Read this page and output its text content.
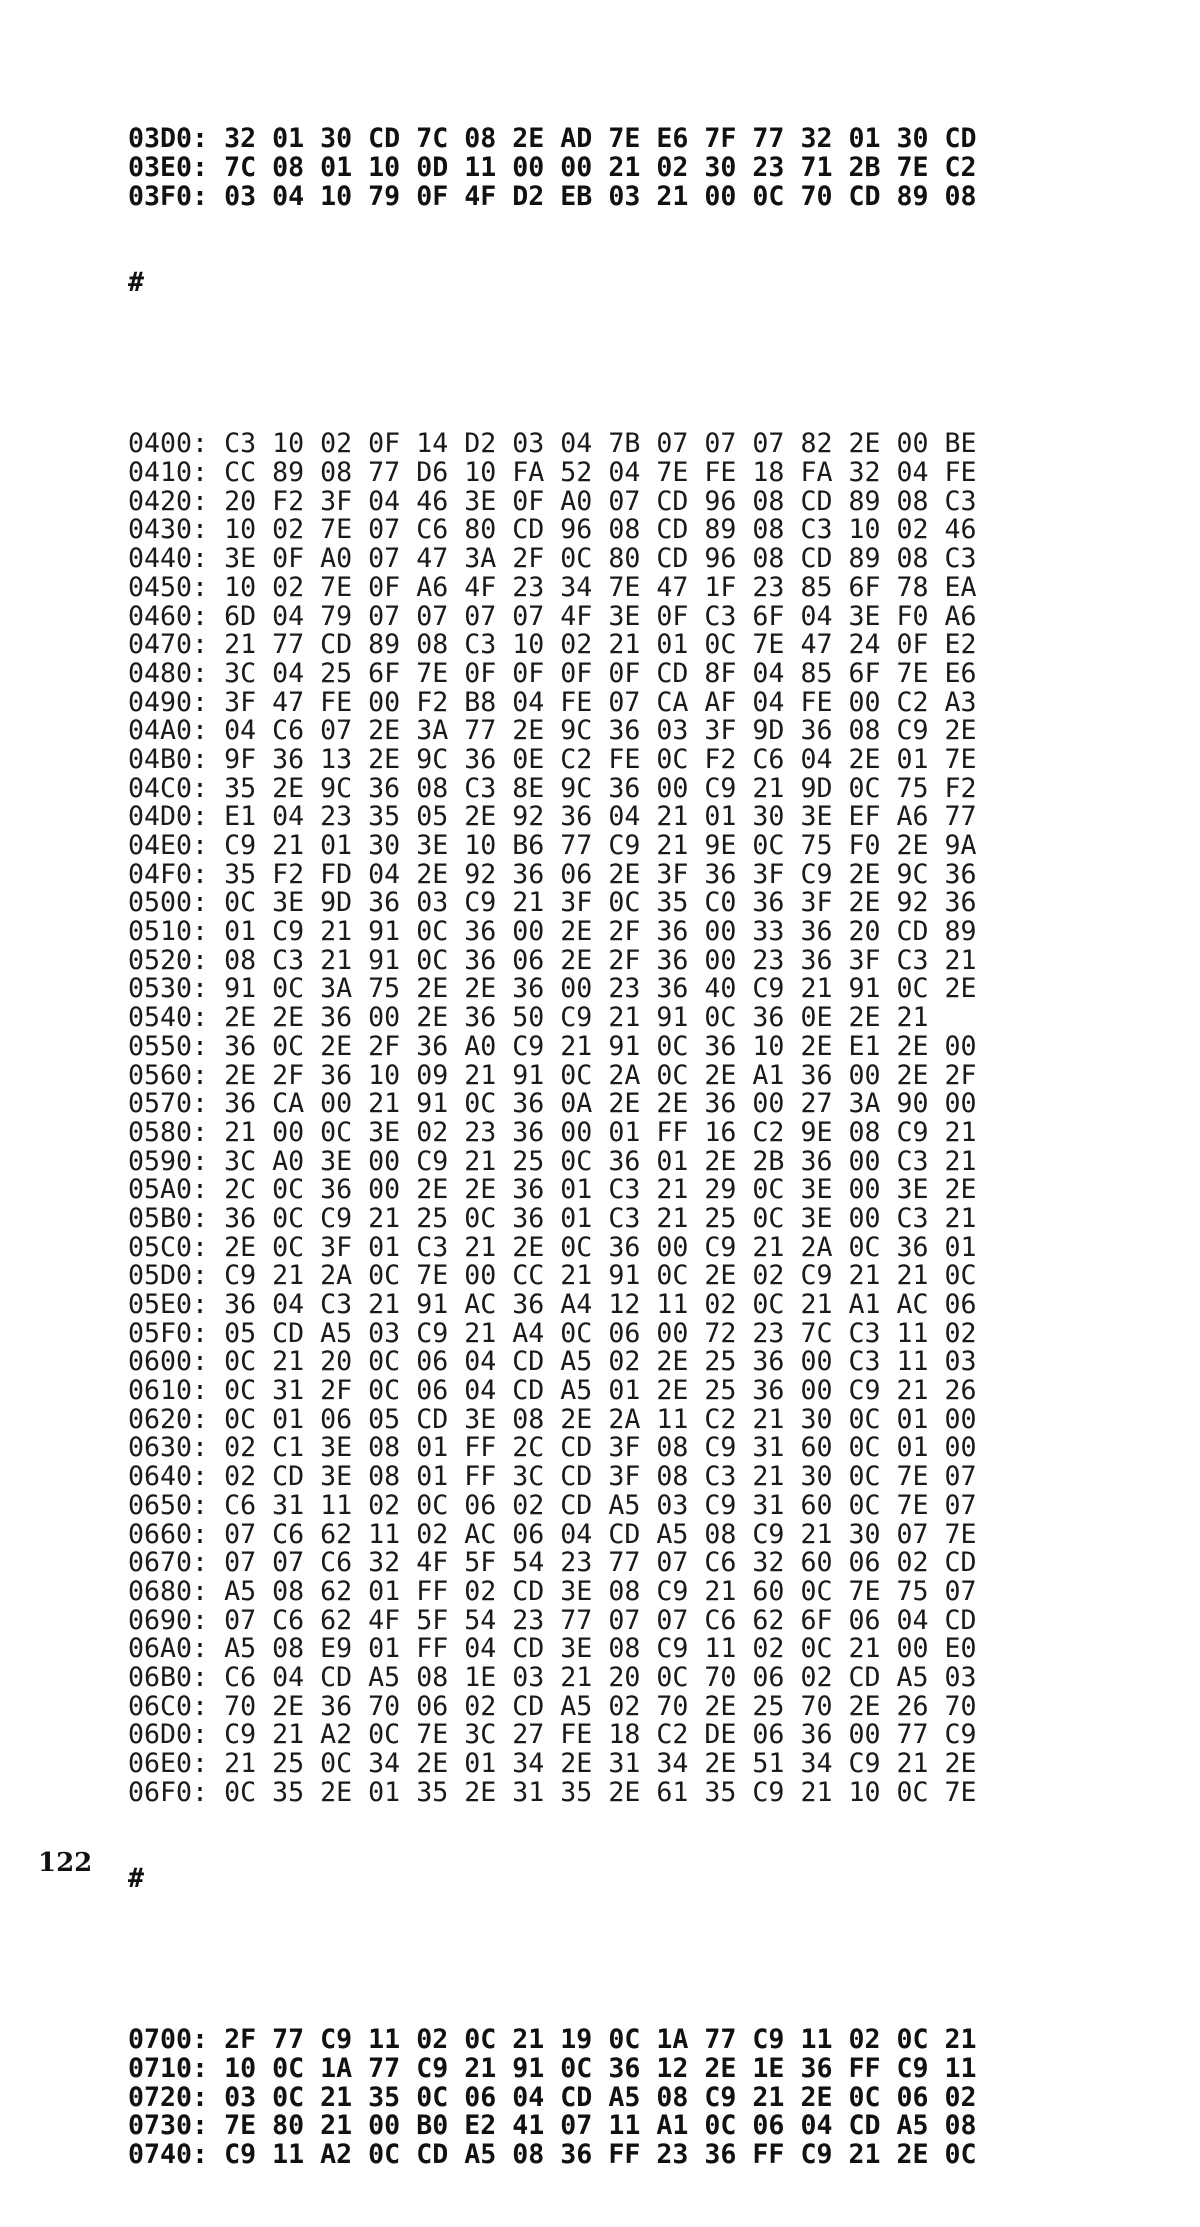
03D0: 32 01 30 CD 7C 08 2E AD 7E E6 7F 77 32 01 30 CD
03E0: 7C 08 01 10 0D 11 00 00 21 02 30 23 71 2B 7E C2
03F0: 03 04 10 79 0F 4F D2 EB 03 21 00 0C 70 CD 89 08

#

0400: C3 10 02 0F 14 D2 03 04 7B 07 07 07 82 2E 00 BE
0410: CC 89 08 77 D6 10 FA 52 04 7E FE 18 FA 32 04 FE
0420: 20 F2 3F 04 46 3E 0F A0 07 CD 96 08 CD 89 08 C3
0430: 10 02 7E 07 C6 80 CD 96 08 CD 89 08 C3 10 02 46
0440: 3E 0F A0 07 47 3A 2F 0C 80 CD 96 08 CD 89 08 C3
0450: 10 02 7E 0F A6 4F 23 34 7E 47 1F 23 85 6F 78 EA
0460: 6D 04 79 07 07 07 07 4F 3E 0F C3 6F 04 3E F0 A6
0470: 21 77 CD 89 08 C3 10 02 21 01 0C 7E 47 24 0F E2
0480: 3C 04 25 6F 7E 0F 0F 0F 0F CD 8F 04 85 6F 7E E6
0490: 3F 47 FE 00 F2 B8 04 FE 07 CA AF 04 FE 00 C2 A3
04A0: 04 C6 07 2E 3A 77 2E 9C 36 03 3F 9D 36 08 C9 2E
04B0: 9F 36 13 2E 9C 36 0E C2 FE 0C F2 C6 04 2E 01 7E
04C0: 35 2E 9C 36 08 C3 8E 9C 36 00 C9 21 9D 0C 75 F2
04D0: E1 04 23 35 05 2E 92 36 04 21 01 30 3E EF A6 77
04E0: C9 21 01 30 3E 10 B6 77 C9 21 9E 0C 75 F0 2E 9A
04F0: 35 F2 FD 04 2E 92 36 06 2E 3F 36 3F C9 2E 9C 36
0500: 0C 3E 9D 36 03 C9 21 3F 0C 35 C0 36 3F 2E 92 36
0510: 01 C9 21 91 0C 36 00 2E 2F 36 00 33 36 20 CD 89
0520: 08 C3 21 91 0C 36 06 2E 2F 36 00 23 36 3F C3 21
0530: 91 0C 3A 75 2E 2E 36 00 23 36 40 C9 21 91 0C 2E
0540: 2E 2E 36 00 2E 36 50 C9 21 91 0C 36 0E 2E 21
0550: 36 0C 2E 2F 36 A0 C9 21 91 0C 36 10 2E E1 2E 00
0560: 2E 2F 36 10 09 21 91 0C 2A 0C 2E A1 36 00 2E 2F
0570: 36 CA 00 21 91 0C 36 0A 2E 2E 36 00 27 3A 90 00
0580: 21 00 0C 3E 02 23 36 00 01 FF 16 C2 9E 08 C9 21
0590: 3C A0 3E 00 C9 21 25 0C 36 01 2E 2B 36 00 C3 21
05A0: 2C 0C 36 00 2E 2E 36 01 C3 21 29 0C 3E 00 3E 2E
05B0: 36 0C C9 21 25 0C 36 01 C3 21 25 0C 3E 00 C3 21
05C0: 2E 0C 3F 01 C3 21 2E 0C 36 00 C9 21 2A 0C 36 01
05D0: C9 21 2A 0C 7E 00 CC 21 91 0C 2E 02 C9 21 21 0C
05E0: 36 04 C3 21 91 AC 36 A4 12 11 02 0C 21 A1 AC 06
05F0: 05 CD A5 03 C9 21 A4 0C 06 00 72 23 7C C3 11 02
0600: 0C 21 20 0C 06 04 CD A5 02 2E 25 36 00 C3 11 03
0610: 0C 31 2F 0C 06 04 CD A5 01 2E 25 36 00 C9 21 26
0620: 0C 01 06 05 CD 3E 08 2E 2A 11 C2 21 30 0C 01 00
0630: 02 C1 3E 08 01 FF 2C CD 3F 08 C9 31 60 0C 01 00
0640: 02 CD 3E 08 01 FF 3C CD 3F 08 C3 21 30 0C 7E 07
0650: C6 31 11 02 0C 06 02 CD A5 03 C9 31 60 0C 7E 07
0660: 07 C6 62 11 02 AC 06 04 CD A5 08 C9 21 30 07 7E
0670: 07 07 C6 32 4F 5F 54 23 77 07 C6 32 60 06 02 CD
0680: A5 08 62 01 FF 02 CD 3E 08 C9 21 60 0C 7E 75 07
0690: 07 C6 62 4F 5F 54 23 77 07 07 C6 62 6F 06 04 CD
06A0: A5 08 E9 01 FF 04 CD 3E 08 C9 11 02 0C 21 00 E0
06B0: C6 04 CD A5 08 1E 03 21 20 0C 70 06 02 CD A5 03
06C0: 70 2E 36 70 06 02 CD A5 02 70 2E 25 70 2E 26 70
06D0: C9 21 A2 0C 7E 3C 27 FE 18 C2 DE 06 36 00 77 C9
06E0: 21 25 0C 34 2E 01 34 2E 31 34 2E 51 34 C9 21 2E
06F0: 0C 35 2E 01 35 2E 31 35 2E 61 35 C9 21 10 0C 7E

#

0700: 2F 77 C9 11 02 0C 21 19 0C 1A 77 C9 11 02 0C 21
0710: 10 0C 1A 77 C9 21 91 0C 36 12 2E 1E 36 FF C9 11
0720: 03 0C 21 35 0C 06 04 CD A5 08 C9 21 2E 0C 06 02
0730: 7E 80 21 00 B0 E2 41 07 11 A1 0C 06 04 CD A5 08
0740: C9 11 A2 0C CD A5 08 36 FF 23 36 FF C9 21 2E 0C

122
